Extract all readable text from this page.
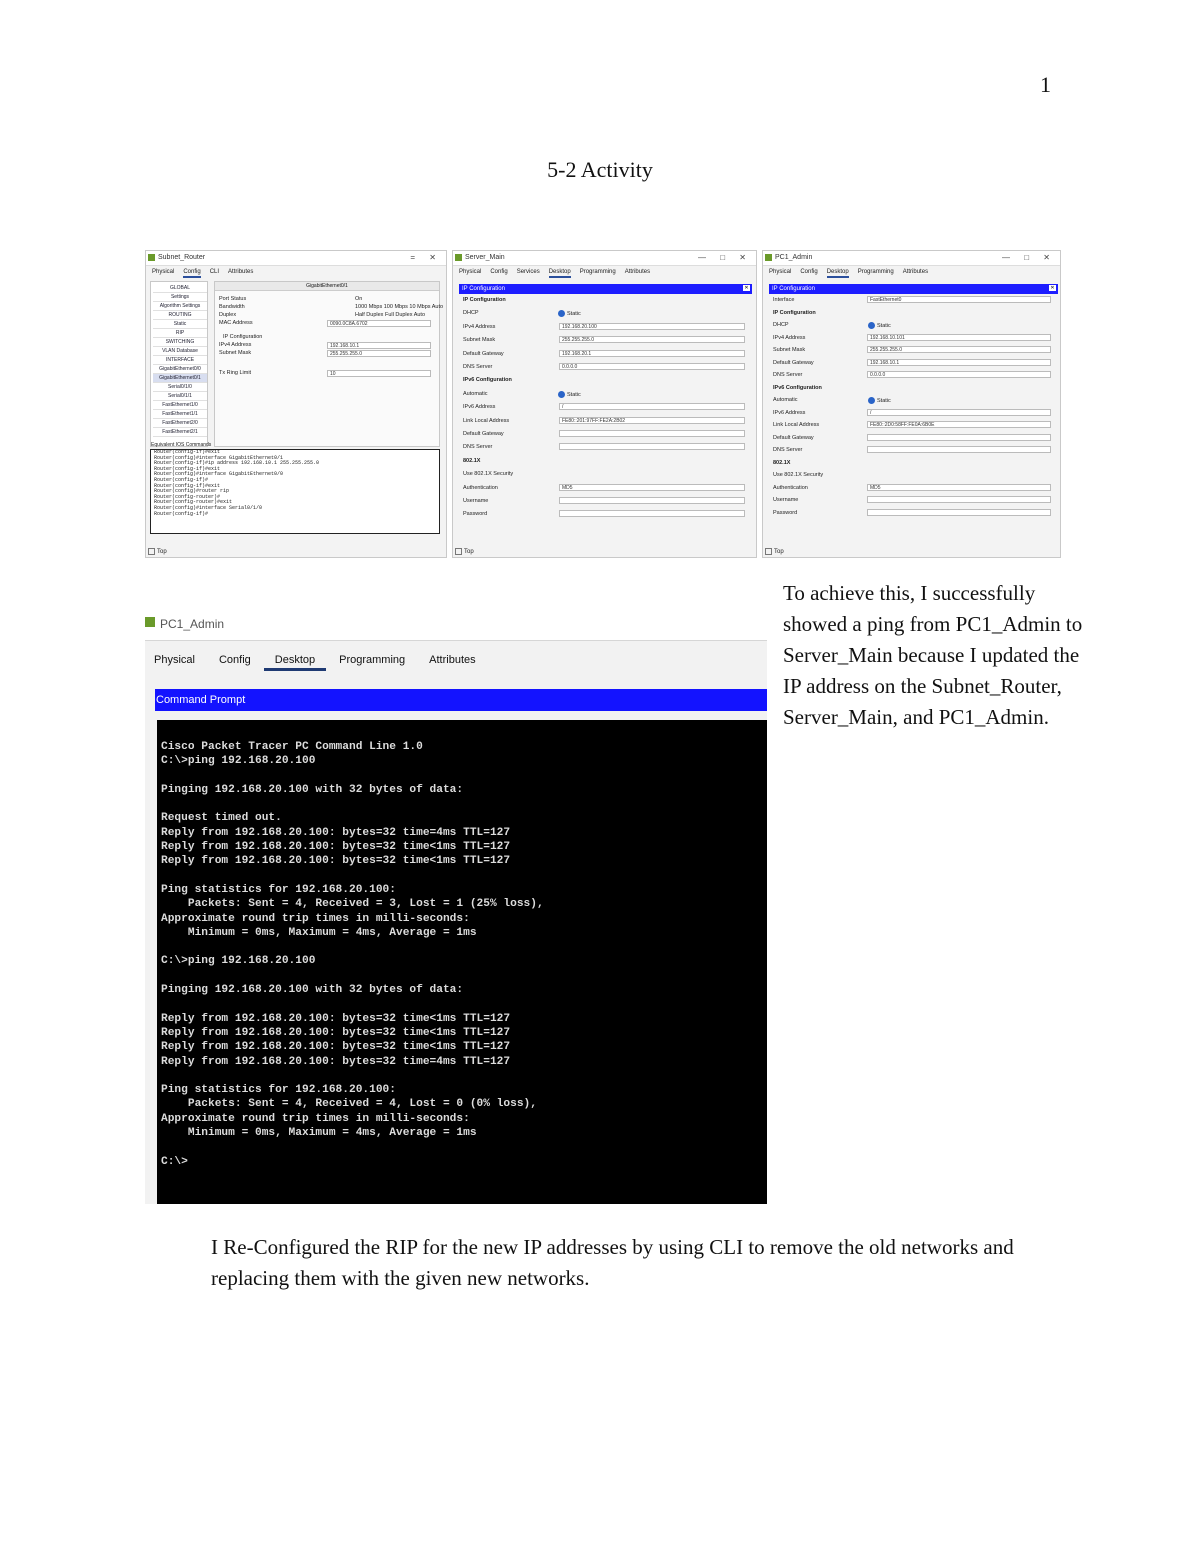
1
5-2 Activity
Subnet_Router	= ✕
Physical Config CLI Attributes
GLOBAL
Settings
Algorithm Settings
ROUTING
Static
RIP
SWITCHING
VLAN Database
INTERFACE
GigabitEthernet0/0
GigabitEthernet0/1
Serial0/1/0
Serial0/1/1
FastEthernet1/0
FastEthernet1/1
FastEthernet2/0
FastEthernet2/1
GigabitEthernet0/1
Port Status	On
Bandwidth	1000 Mbps 100 Mbps 10 Mbps Auto
Duplex	Half Duplex Full Duplex Auto
MAC Address	0090.0C8A.6702
IP Configuration
IPv4 Address	192.168.10.1
Subnet Mask	255.255.255.0
Tx Ring Limit	10
Equivalent IOS Commands
Router(config-if)#exit
Router(config)#interface GigabitEthernet0/1
Router(config-if)#ip address 192.168.10.1 255.255.255.0
Router(config-if)#exit
Router(config)#interface GigabitEthernet0/0
Router(config-if)#
Router(config-if)#exit
Router(config)#router rip
Router(config-router)#
Router(config-router)#exit
Router(config)#interface Serial0/1/0
Router(config-if)#
Top
Server_Main	— □ ✕
Physical Config Services Desktop Programming Attributes
IP Configuration	✕
IP Configuration
DHCP	Static
IPv4 Address	192.168.20.100
Subnet Mask	255.255.255.0
Default Gateway	192.168.20.1
DNS Server	0.0.0.0
IPv6 Configuration
Automatic	Static
IPv6 Address	/
Link Local Address	FE80::201:97FF:FE2A:2B02
Default Gateway
DNS Server
802.1X
Use 802.1X Security
Authentication	MD5
Username
Password
Top
PC1_Admin	— □ ✕
Physical Config Desktop Programming Attributes
IP Configuration	✕
Interface	FastEthernet0
IP Configuration
DHCP	Static
IPv4 Address	192.168.10.101
Subnet Mask	255.255.255.0
Default Gateway	192.168.10.1
DNS Server	0.0.0.0
IPv6 Configuration
Automatic	Static
IPv6 Address	/
Link Local Address	FE80::2D0:58FF:FE0A:6B0E
Default Gateway
DNS Server
802.1X
Use 802.1X Security
Authentication	MD5
Username
Password
Top
PC1_Admin
Physical Config Desktop Programming Attributes
Command Prompt
Cisco Packet Tracer PC Command Line 1.0
C:\>ping 192.168.20.100

Pinging 192.168.20.100 with 32 bytes of data:

Request timed out.
Reply from 192.168.20.100: bytes=32 time=4ms TTL=127
Reply from 192.168.20.100: bytes=32 time<1ms TTL=127
Reply from 192.168.20.100: bytes=32 time<1ms TTL=127

Ping statistics for 192.168.20.100:
Packets: Sent = 4, Received = 3, Lost = 1 (25% loss),
Approximate round trip times in milli-seconds:
Minimum = 0ms, Maximum = 4ms, Average = 1ms

C:\>ping 192.168.20.100

Pinging 192.168.20.100 with 32 bytes of data:

Reply from 192.168.20.100: bytes=32 time<1ms TTL=127
Reply from 192.168.20.100: bytes=32 time<1ms TTL=127
Reply from 192.168.20.100: bytes=32 time<1ms TTL=127
Reply from 192.168.20.100: bytes=32 time=4ms TTL=127

Ping statistics for 192.168.20.100:
Packets: Sent = 4, Received = 4, Lost = 0 (0% loss),
Approximate round trip times in milli-seconds:
Minimum = 0ms, Maximum = 4ms, Average = 1ms

C:\>
To achieve this, I successfully showed a ping from PC1_Admin to Server_Main because I updated the IP address on the Subnet_Router, Server_Main, and PC1_Admin.
I Re-Configured the RIP for the new IP addresses by using CLI to remove the old networks and replacing them with the given new networks.
